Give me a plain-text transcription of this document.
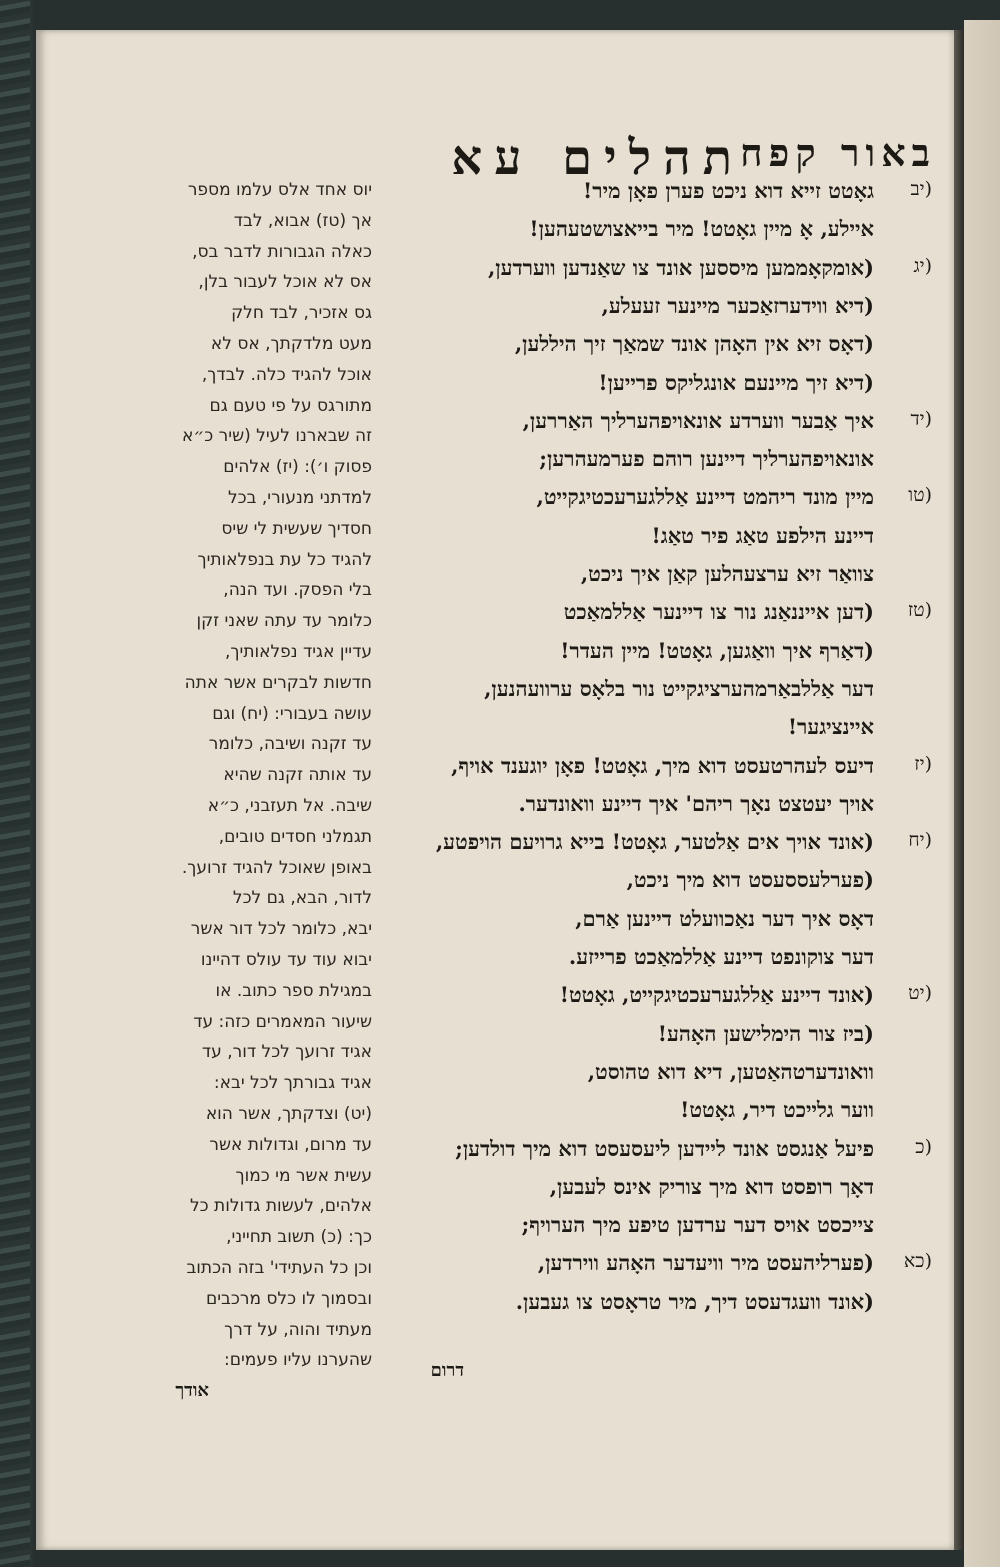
תהלים עא
באור קפח
(יב
גאָטט זייא דוא ניכט פערן פאָן מיר!
איילע, אָ מיין גאָטט! מיר בייאצושטעהען!
(יג
(אומקאָממען מיססען אונד צו שאַנדען ווערדען,
(דיא ווידערזאַכער מיינער זעעלע,
(דאָס זיא אין האָהן אונד שמאַך זיך היללען,
(דיא זיך מיינעם אונגליקס פרייען!
(יד
איך אַבער ווערדע אונאויפהערליך האַררען,
אונאויפהערליך דיינען רוהם פערמעהרען;
(טו
מיין מונד ריהמט דיינע אַללגערעכטיגקייט,
דיינע הילפע טאַג פיר טאַג!
צוואַר זיא ערצעהלען קאַן איך ניכט,
(טז
(דען אייננאַנג נור צו דיינער אַללמאַכט
(דאַרף איך וואַגען, גאָטט! מיין העדר!
דער אַללבאַרמהערציגקייט נור בלאָס ערוועהנען,
איינציגער!
(יז
דיעס לעהרטעסט דוא מיך, גאָטט! פאָן יוגענד אויף,
אויך יעטצט נאָך ריהם' איך דיינע וואונדער.
(יח
(אונד אויך אים אַלטער, גאָטט! בייא גרויעם הויפטע,
(פערלעססעסט דוא מיך ניכט,
דאָס איך דער נאַכוועלט דיינען אַרם,
דער צוקונפט דיינע אַללמאַכט פרייזע.
(יט
(אונד דיינע אַללגערעכטיגקייט, גאָטט!
(ביז צור הימלישען האָהע!
וואונדערטהאַטען, דיא דוא טהוסט,
ווער גלייכט דיר, גאָטט!
(כ
פיעל אַנגסט אונד ליידען ליעסעסט דוא מיך דולדען;
דאָך רופסט דוא מיך צוריק אינס לעבען,
צייכסט אויס דער ערדען טיפע מיך הערויף;
(כא
(פערליהעסט מיר וויעדער האָהע ווירדען,
(אונד וועגדעסט דיך, מיר טראָסט צו געבען.
יוס אחד אלס עלמו מספר
אך (טז) אבוא, לבד
כאלה הגבורות לדבר בס,
אס לא אוכל לעבור בלן,
גס אזכיר, לבד חלק
מעט מלדקתך, אס לא
אוכל להגיד כלה. לבדך,
מתורגס על פי טעם גם
זה שבארנו לעיל (שיר כ״א
פסוק ו׳): (יז) אלהים
למדתני מנעורי, בכל
חסדיך שעשית לי שיס
להגיד כל עת בנפלאותיך
בלי הפסק. ועד הנה,
כלומר עד עתה שאני זקן
עדיין אגיד נפלאותיך,
חדשות לבקרים אשר אתה
עושה בעבורי: (יח) וגם
עד זקנה ושיבה, כלומר
עד אותה זקנה שהיא
שיבה. אל תעזבני, כ״א
תגמלני חסדים טובים,
באופן שאוכל להגיד זרועך.
לדור, הבא, גם לכל
יבא, כלומר לכל דור אשר
יבוא עוד עד עולס דהיינו
במגילת ספר כתוב. או
שיעור המאמרים כזה: עד
אגיד זרועך לכל דור, עד
אגיד גבורתך לכל יבא:
(יט) וצדקתך, אשר הוא
עד מרום, וגדולות אשר
עשית אשר מי כמוך
אלהים, לעשות גדולות כל
כך: (כ) תשוב תחייני,
וכן כל העתידי' בזה הכתוב
ובסמוך לו כלס מרכבים
מעתיד והוה, על דרך
שהערנו עליו פעמים:	דרום
אודך
